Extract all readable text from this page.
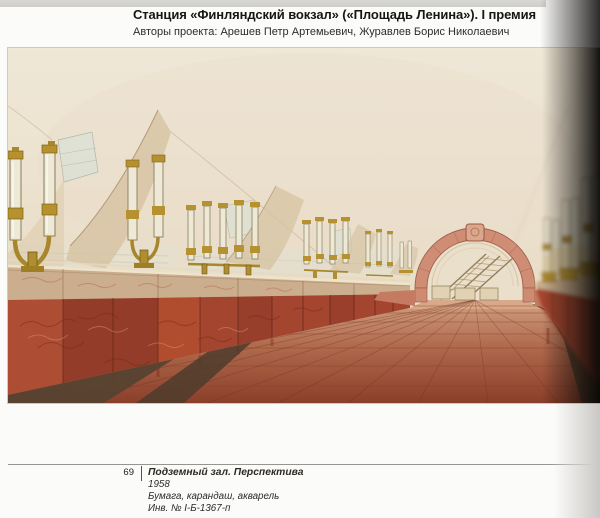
Станция «Финляндский вокзал» («Площадь Ленина»). I премия
Авторы проекта: Арешев Петр Артемьевич, Журавлев Борис Николаевич
69 Подземный зал. Перспектива
1958
Бумага, карандаш, акварель
Инв. № I-Б-1367-п
